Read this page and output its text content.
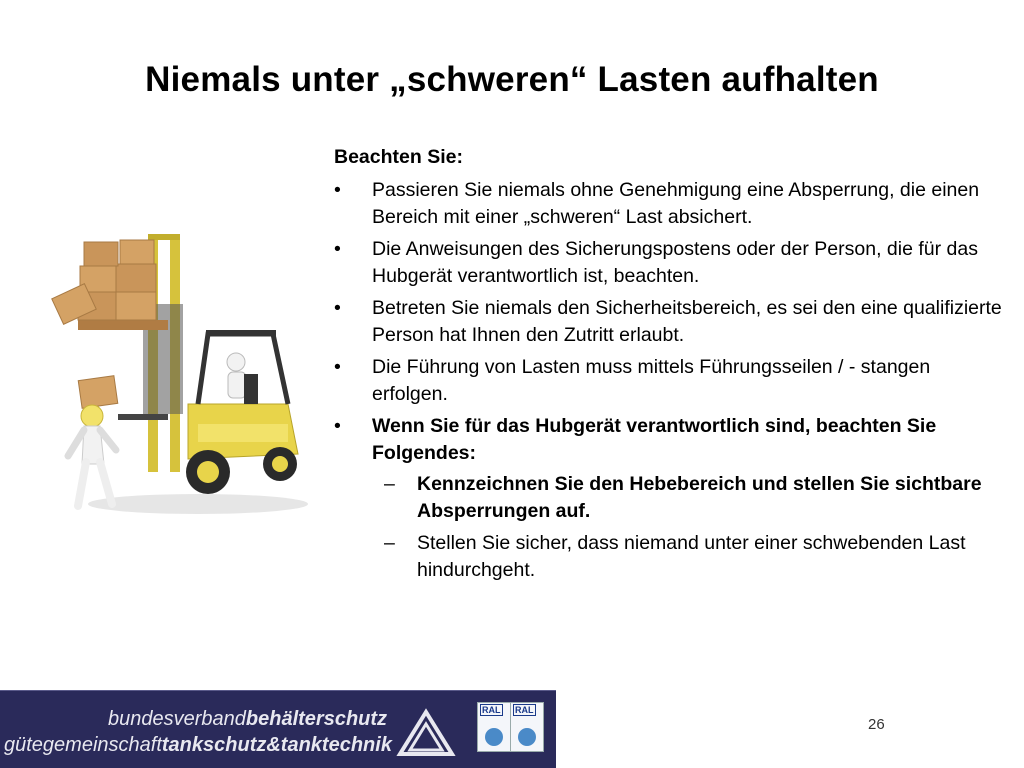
Niemals unter „schweren“ Lasten aufhalten
Beachten Sie:
•	Passieren Sie niemals ohne Genehmigung eine Absperrung, die einen Bereich mit einer „schweren“ Last absichert.
•	Die Anweisungen des Sicherungspostens oder der Person, die für das Hubgerät verantwortlich ist, beachten.
•	Betreten Sie niemals den Sicherheitsbereich, es sei den eine qualifizierte Person hat Ihnen den Zutritt erlaubt.
•	Die Führung von Lasten muss mittels Führungsseilen / - stangen erfolgen.
•	Wenn Sie für das Hubgerät verantwortlich sind, beachten Sie Folgendes:
– Kennzeichnen Sie den Hebebereich und stellen Sie sichtbare Absperrungen auf.
– Stellen Sie sicher, dass niemand unter einer schwebenden Last hindurchgeht.
bundesverbandbehälterschutz
gütegemeinschafttankschutz&tanktechnik
RAL RAL
26
